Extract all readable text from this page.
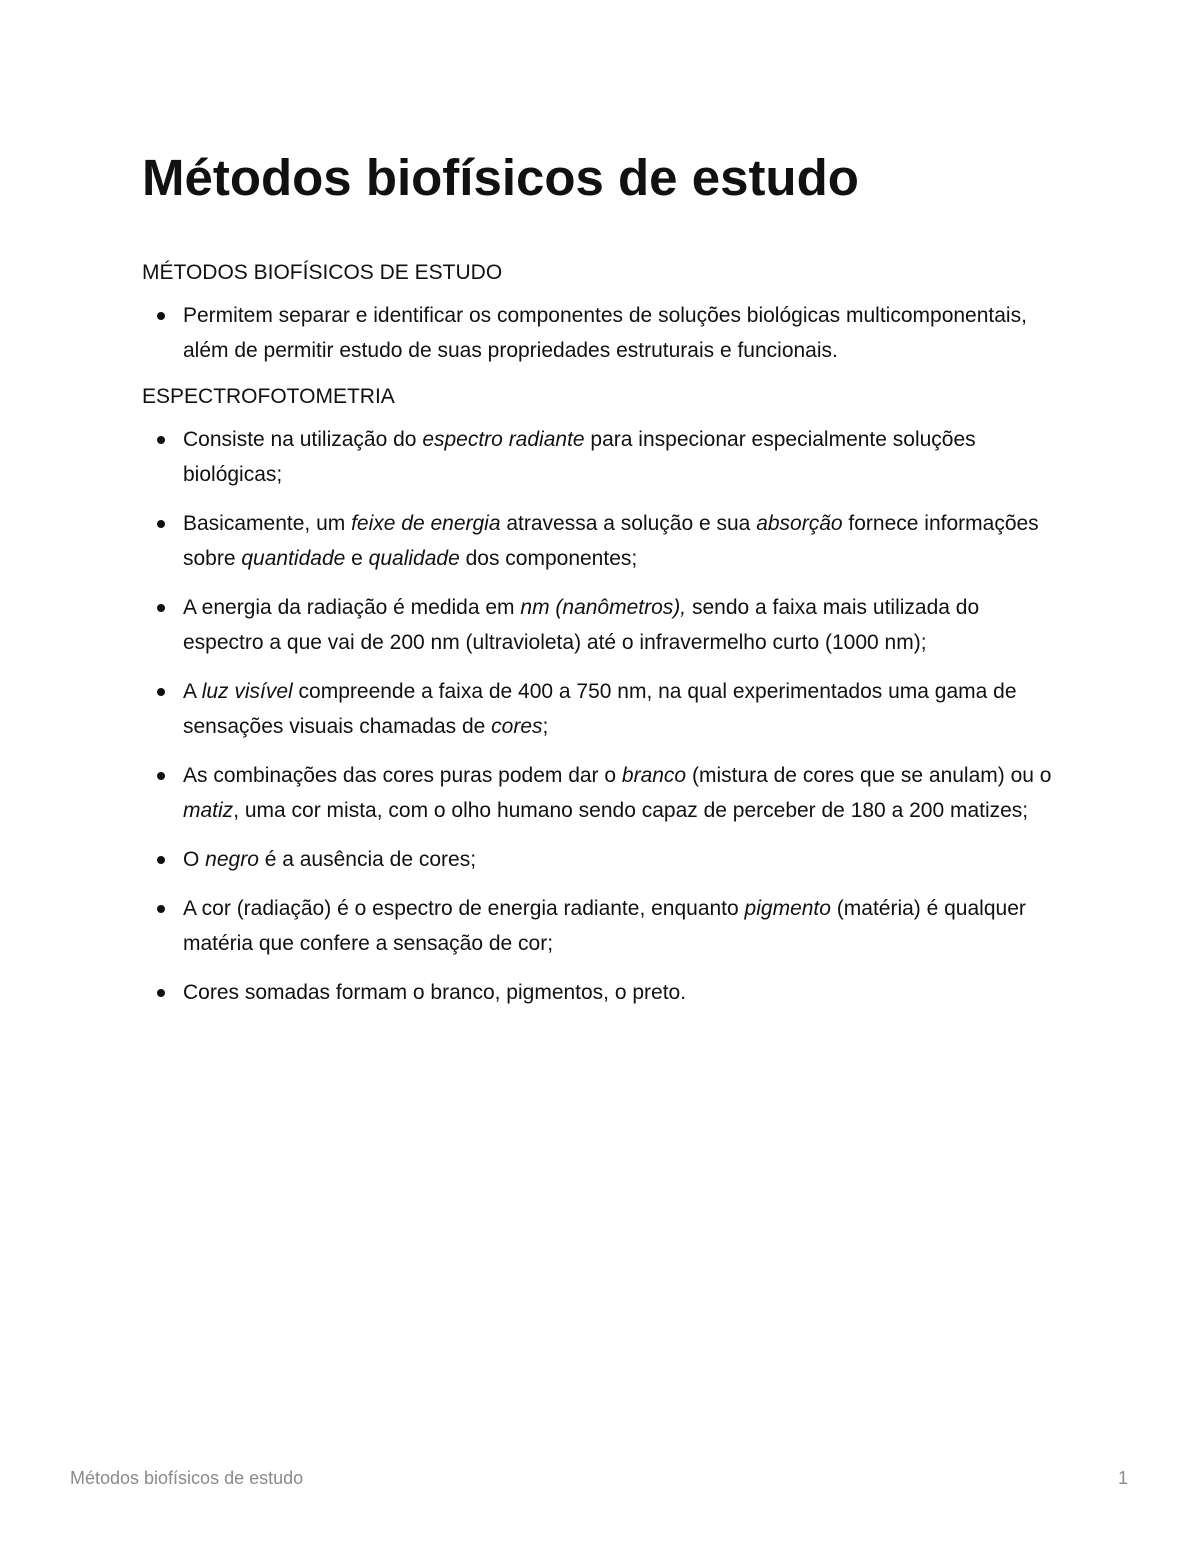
Métodos biofísicos de estudo

MÉTODOS BIOFÍSICOS DE ESTUDO

Permitem separar e identificar os componentes de soluções biológicas multicomponentais, além de permitir estudo de suas propriedades estruturais e funcionais.

ESPECTROFOTOMETRIA

Consiste na utilização do espectro radiante para inspecionar especialmente soluções biológicas;
Basicamente, um feixe de energia atravessa a solução e sua absorção fornece informações sobre quantidade e qualidade dos componentes;
A energia da radiação é medida em nm (nanômetros), sendo a faixa mais utilizada do espectro a que vai de 200 nm (ultravioleta) até o infravermelho curto (1000 nm);
A luz visível compreende a faixa de 400 a 750 nm, na qual experimentados uma gama de sensações visuais chamadas de cores;
As combinações das cores puras podem dar o branco (mistura de cores que se anulam) ou o matiz, uma cor mista, com o olho humano sendo capaz de perceber de 180 a 200 matizes;
O negro é a ausência de cores;
A cor (radiação) é o espectro de energia radiante, enquanto pigmento (matéria) é qualquer matéria que confere a sensação de cor;
Cores somadas formam o branco, pigmentos, o preto.
Métodos biofísicos de estudo	1
